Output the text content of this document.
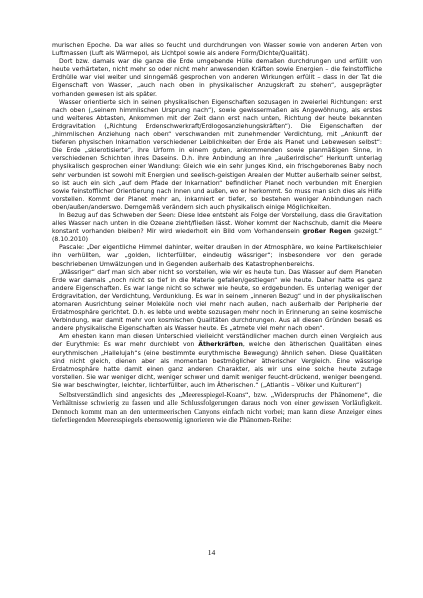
murischen Epoche. Da war alles so feucht und durchdrungen von Wasser sowie von anderen Arten von Luftmassen (Luft als Wärmepol, als Lichtpol sowie als andere Form/Dichte/Qualität).

Dort bzw. damals war die ganze die Erde umgebende Hülle demaßen durchdrungen und erfüllt von heute verhärteten, nicht mehr so oder nicht mehr anwesenden Kräften sowie Energien – die feinstoffliche Erdhülle war viel weiter und sinngemäß gesprochen von anderen Wirkungen erfüllt – dass in der Tat die Eigenschaft von Wasser, „auch nach oben in physikalischer Anzugskraft zu stehen“, ausgeprägter vorhanden gewesen ist als später.

Wasser orientierte sich in seinen physikalischen Eigenschaften sozusagen in zweierlei Richtungen: erst nach oben („seinem himmlischen Ursprung nach“), sowie gewissermaßen als Angewöhnung, als erstes und weiteres Abtasten, Ankommen mit der Zeit dann erst nach unten, Richtung der heute bekannten Erdgravitation („Richtung Erdenschwerkraft/Erdlogosanziehungskräften“). Die Eigenschaften der „himmlischen Anziehung nach oben“ verschwanden mit zunehmender Verdichtung, mit „Ankunft der tieferen physischen Inkarnation verschiedener Leiblichkeiten der Erde als Planet und Lebewesen selbst“: Die Erde „sklerotisierte“, ihre Urform in einem guten, ankommenden sowie planmäßigen Sinne, in verschiedenen Schichten ihres Daseins. D.h. ihre Anbindung an ihre „außerirdische“ Herkunft unterlag physikalisch gesprochen einer Wandlung: Gleich wie ein sehr junges Kind, ein frischgeborenes Baby noch sehr verbunden ist sowohl mit Energien und seelisch-geistigen Arealen der Mutter außerhalb seiner selbst, so ist auch ein sich „auf dem Pfade der Inkarnation“ befindlicher Planet noch verbunden mit Energien sowie feinstofflicher Orientierung nach innen und außen, wo er herkommt. So muss man sich dies als Hilfe vorstellen. Kommt der Planet mehr an, inkarniert er tiefer, so bestehen weniger Anbindungen nach oben/außen/anderswo. Demgemäß verändern sich auch physikalisch einige Möglichkeiten.

In Bezug auf das Schweben der Seen: Diese Idee entsteht als Folge der Vorstellung, dass die Gravitation alles Wasser nach unten in die Ozeane zieht/fließen lässt. Woher kommt der Nachschub, damit die Meere konstant vorhanden bleiben? Mir wird wiederholt ein Bild vom Vorhandensein großer Regen gezeigt.“ (8.10.2010)

Pascale: „Der eigentliche Himmel dahinter, weiter draußen in der Atmosphäre, wo keine Partikelschleier ihn verhüllten, war „golden, lichterfüllter, eindeutig wässriger“; insbesondere vor den gerade beschriebenen Umwälzungen und in Gegenden außerhalb des Katastrophenbereichs.

„Wässriger“ darf man sich aber nicht so vorstellen, wie wir es heute tun. Das Wasser auf dem Planeten Erde war damals „noch nicht so tief in die Materie gefallen/gestiegen“ wie heute. Daher hatte es ganz andere Eigenschaften. Es war lange nicht so schwer wie heute, so erdgebunden. Es unterlag weniger der Erdgravitation, der Verdichtung, Verdunklung. Es war in seinem „inneren Bezug“ und in der physikalischen atomaren Ausrichtung seiner Moleküle noch viel mehr nach außen, nach außerhalb der Peripherie der Erdatmosphäre gerichtet. D.h. es lebte und webte sozusagen mehr noch in Erinnerung an seine kosmische Verbindung, war damit mehr von kosmischen Qualitäten durchdrungen. Aus all diesen Gründen besaß es andere physikalische Eigenschaften als Wasser heute. Es „atmete viel mehr nach oben“.

Am ehesten kann man diesen Unterschied vielleicht verständlicher machen durch einen Vergleich aus der Eurythmie: Es war mehr durchlebt von Ätherkräften, welche den ätherischen Qualitäten eines eurythmischen „Hallelujah“s (eine bestimmte eurythmische Bewegung) ähnlich sehen. Diese Qualitäten sind nicht gleich, dienen aber als momentan bestmöglicher ätherischer Vergleich. Eine wässrige Erdatmosphäre hatte damit einen ganz anderen Charakter, als wir uns eine solche heute zutage vorstellen. Sie war weniger dicht, weniger schwer und damit weniger feucht-drückend, weniger beengend. Sie war beschwingter, leichter, lichterfüllter, auch im Ätherischen.“ („Atlantis – Völker und Kulturen“)

Selbstverständlich sind angesichts des „Meeresspiegel-Koans“, bzw. „Widerspruchs der Phänomene“, die Verhältnisse schwierig zu fassen und alle Schlussfolgerungen daraus noch von einer gewissen Vorläufigkeit. Dennoch kommt man an den untermeerischen Canyons einfach nicht vorbei; man kann diese Anzeiger eines tieferliegenden Meeresspiegels ebensowenig ignorieren wie die Phänomen-Reihe:

14
